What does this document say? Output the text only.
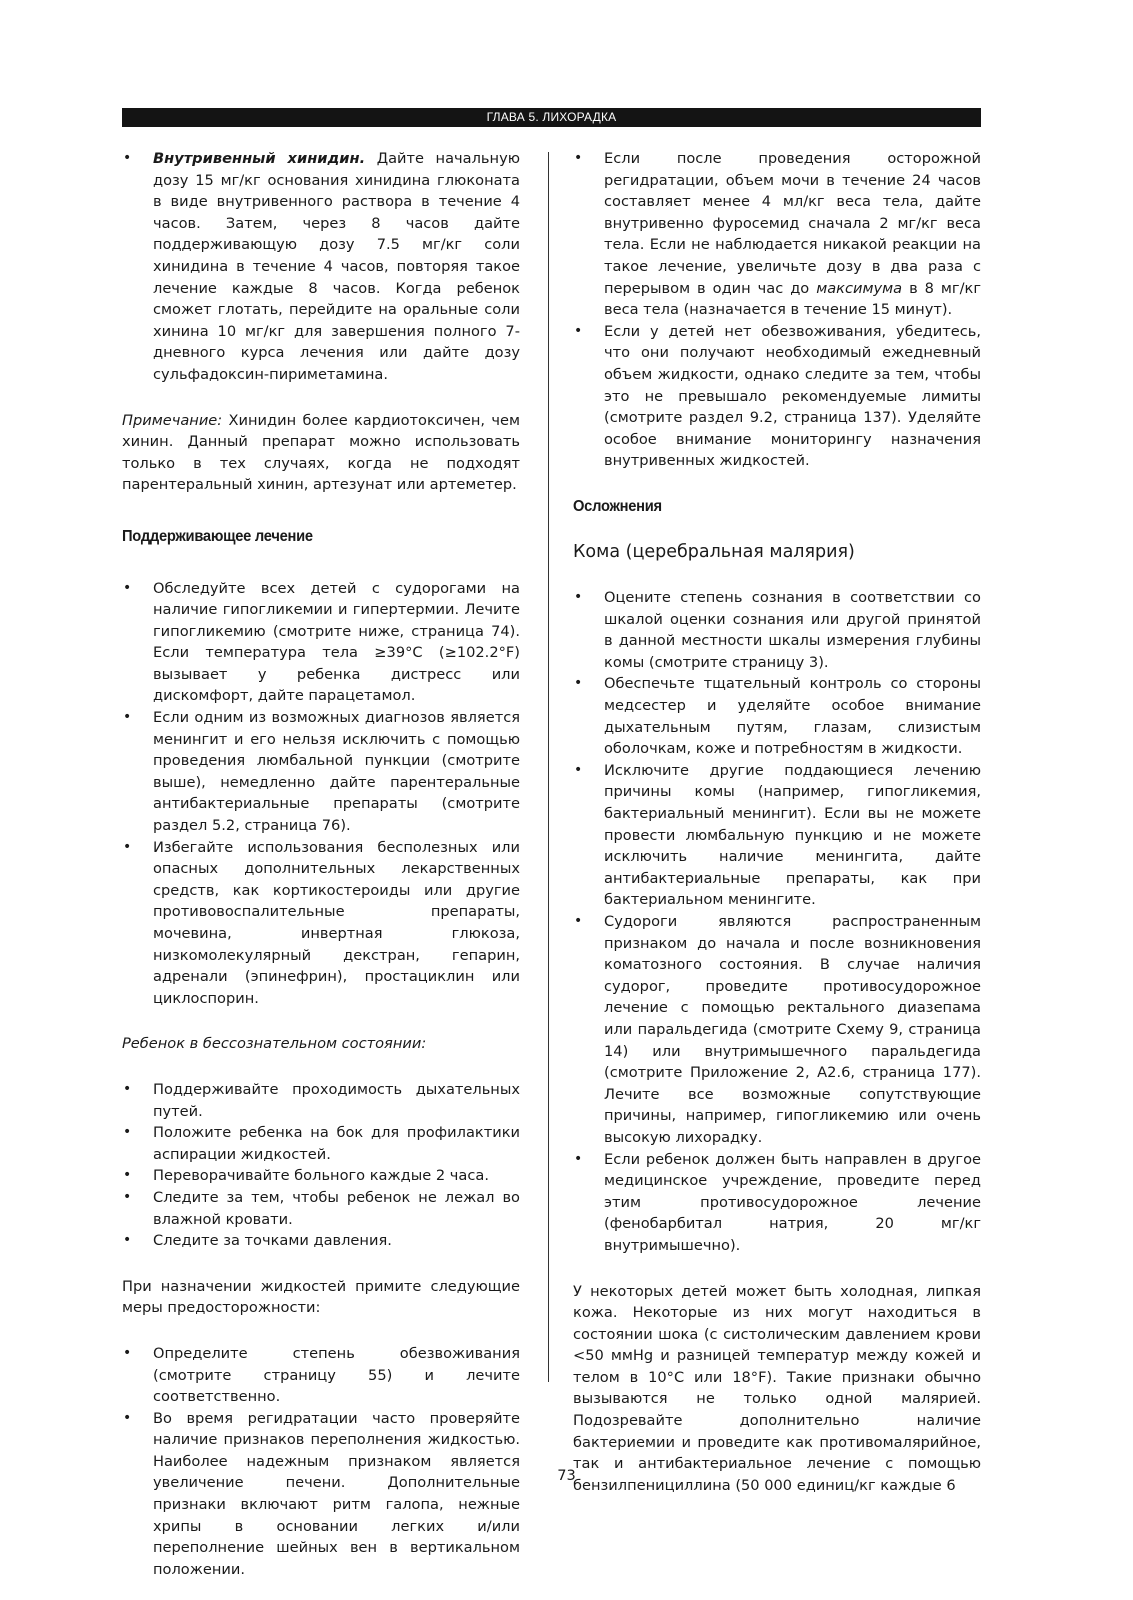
ГЛАВА 5. ЛИХОРАДКА
• Внутривенный хинидин. Дайте начальную дозу 15 мг/кг основания хинидина глюконата в виде внутривенного раствора в течение 4 часов. Затем, через 8 часов дайте поддерживающую дозу 7.5 мг/кг соли хинидина в течение 4 часов, повторяя такое лечение каждые 8 часов. Когда ребенок сможет глотать, перейдите на оральные соли хинина 10 мг/кг для завершения полного 7-дневного курса лечения или дайте дозу сульфадоксин-пириметамина.

Примечание: Хинидин более кардиотоксичен, чем хинин. Данный препарат можно использовать только в тех случаях, когда не подходят парентеральный хинин, артезунат или артеметер.

Поддерживающее лечение
• Обследуйте всех детей с судорогами на наличие гипогликемии и гипертермии. Лечите гипогликемию (смотрите ниже, страница 74). Если температура тела ≥39°C (≥102.2°F) вызывает у ребенка дистресс или дискомфорт, дайте парацетамол.
• Если одним из возможных диагнозов является менингит и его нельзя исключить с помощью проведения люмбальной пункции (смотрите выше), немедленно дайте парентеральные антибактериальные препараты (смотрите раздел 5.2, страница 76).
• Избегайте использования бесполезных или опасных дополнительных лекарственных средств, как кортикостероиды или другие противовоспалительные препараты, мочевина, инвертная глюкоза, низкомолекулярный декстран, гепарин, адренали (эпинефрин), простациклин или циклоспорин.

Ребенок в бессознательном состоянии:

• Поддерживайте проходимость дыхательных путей.
• Положите ребенка на бок для профилактики аспирации жидкостей.
• Переворачивайте больного каждые 2 часа.
• Следите за тем, чтобы ребенок не лежал во влажной кровати.
• Следите за точками давления.

При назначении жидкостей примите следующие меры предосторожности:

• Определите степень обезвоживания (смотрите страницу 55) и лечите соответственно.
• Во время регидратации часто проверяйте наличие признаков переполнения жидкостью. Наиболее надежным признаком является увеличение печени. Дополнительные признаки включают ритм галопа, нежные хрипы в основании легких и/или переполнение шейных вен в вертикальном положении.
• Если после проведения осторожной регидратации, объем мочи в течение 24 часов составляет менее 4 мл/кг веса тела, дайте внутривенно фуросемид сначала 2 мг/кг веса тела. Если не наблюдается никакой реакции на такое лечение, увеличьте дозу в два раза с перерывом в один час до максимума в 8 мг/кг веса тела (назначается в течение 15 минут).
• Если у детей нет обезвоживания, убедитесь, что они получают необходимый ежедневный объем жидкости, однако следите за тем, чтобы это не превышало рекомендуемые лимиты (смотрите раздел 9.2, страница 137). Уделяйте особое внимание мониторингу назначения внутривенных жидкостей.
Осложнения

Кома (церебральная малярия)

• Оцените степень сознания в соответствии со шкалой оценки сознания или другой принятой в данной местности шкалы измерения глубины комы (смотрите страницу 3).
• Обеспечьте тщательный контроль со стороны медсестер и уделяйте особое внимание дыхательным путям, глазам, слизистым оболочкам, коже и потребностям в жидкости.
• Исключите другие поддающиеся лечению причины комы (например, гипогликемия, бактериальный менингит). Если вы не можете провести люмбальную пункцию и не можете исключить наличие менингита, дайте антибактериальные препараты, как при бактериальном менингите.
• Судороги являются распространенным признаком до начала и после возникновения коматозного состояния. В случае наличия судорог, проведите противосудорожное лечение с помощью ректального диазепама или паральдегида (смотрите Схему 9, страница 14) или внутримышечного паральдегида (смотрите Приложение 2, А2.6, страница 177). Лечите все возможные сопутствующие причины, например, гипогликемию или очень высокую лихорадку.
• Если ребенок должен быть направлен в другое медицинское учреждение, проведите перед этим противосудорожное лечение (фенобарбитал натрия, 20 мг/кг внутримышечно).

У некоторых детей может быть холодная, липкая кожа. Некоторые из них могут находиться в состоянии шока (с систолическим давлением крови <50 ммHg и разницей температур между кожей и телом в 10°C или 18°F). Такие признаки обычно вызываются не только одной малярией. Подозревайте дополнительно наличие бактериемии и проведите как противомалярийное, так и антибактериальное лечение с помощью бензилпенициллина (50 000 единиц/кг каждые 6

73
